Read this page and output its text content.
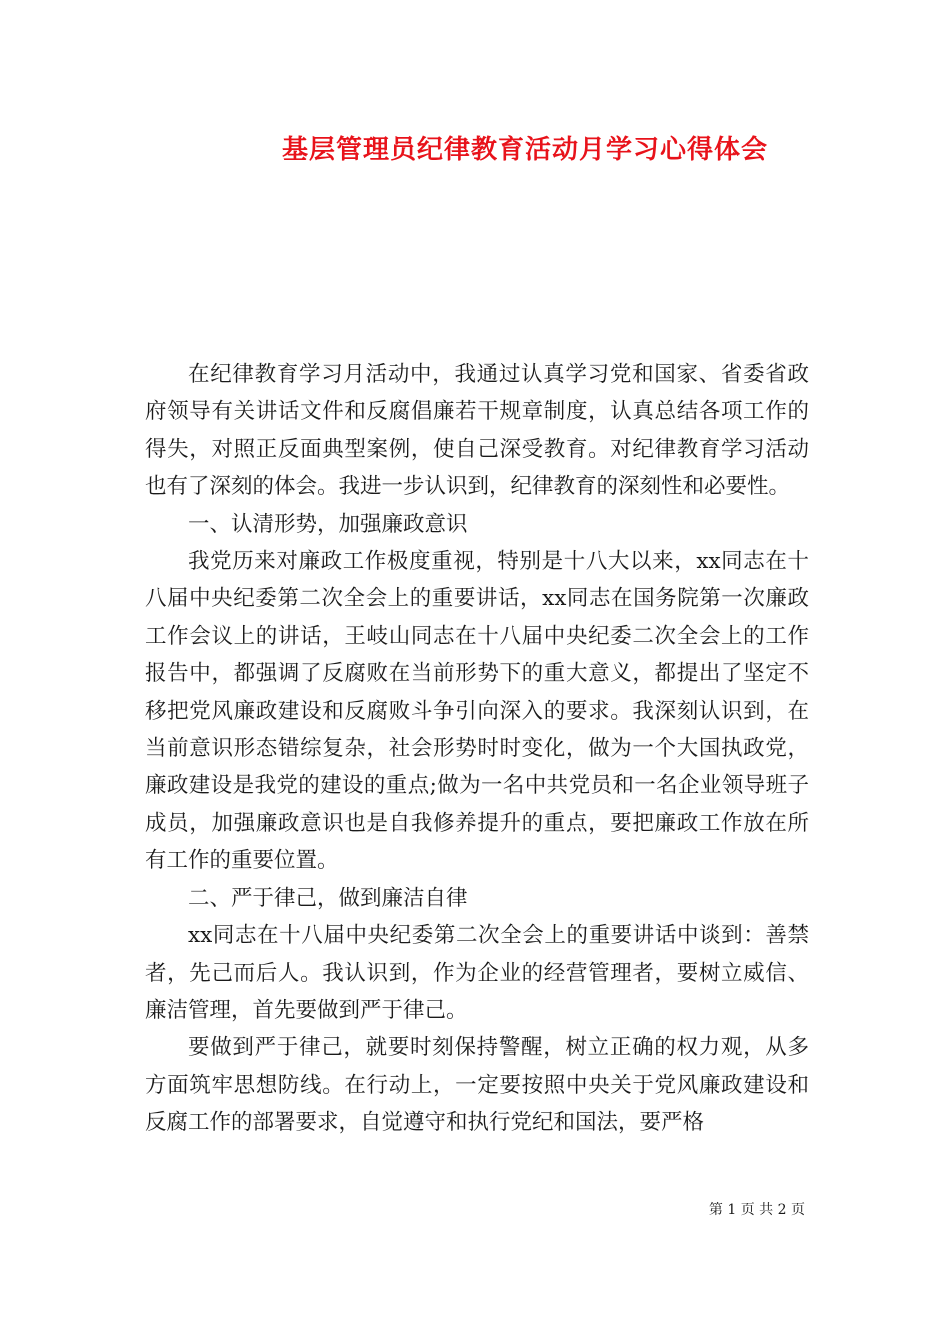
基层管理员纪律教育活动月学习心得体会

在纪律教育学习月活动中，我通过认真学习党和国家、省委省政府领导有关讲话文件和反腐倡廉若干规章制度，认真总结各项工作的得失，对照正反面典型案例，使自己深受教育。对纪律教育学习活动也有了深刻的体会。我进一步认识到，纪律教育的深刻性和必要性。

一、认清形势，加强廉政意识

我党历来对廉政工作极度重视，特别是十八大以来，xx同志在十八届中央纪委第二次全会上的重要讲话，xx同志在国务院第一次廉政工作会议上的讲话，王岐山同志在十八届中央纪委二次全会上的工作报告中，都强调了反腐败在当前形势下的重大意义，都提出了坚定不移把党风廉政建设和反腐败斗争引向深入的要求。我深刻认识到，在当前意识形态错综复杂，社会形势时时变化，做为一个大国执政党，廉政建设是我党的建设的重点;做为一名中共党员和一名企业领导班子成员，加强廉政意识也是自我修养提升的重点，要把廉政工作放在所有工作的重要位置。

二、严于律己，做到廉洁自律

xx同志在十八届中央纪委第二次全会上的重要讲话中谈到：善禁者，先己而后人。我认识到，作为企业的经营管理者，要树立威信、廉洁管理，首先要做到严于律己。

要做到严于律己，就要时刻保持警醒，树立正确的权力观，从多方面筑牢思想防线。在行动上，一定要按照中央关于党风廉政建设和反腐工作的部署要求，自觉遵守和执行党纪和国法，要严格

第 1 页 共 2 页
